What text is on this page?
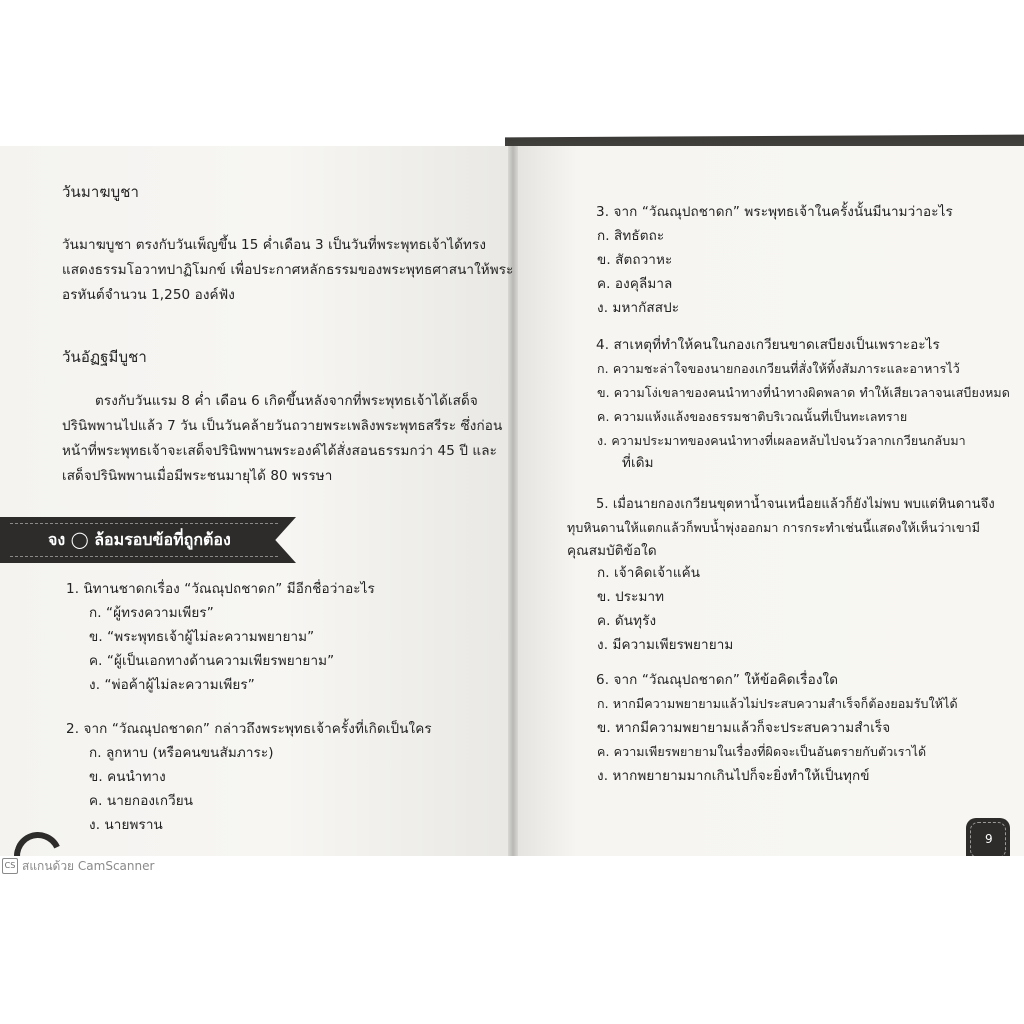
วันมาฆบูชา
วันมาฆบูชา ตรงกับวันเพ็ญขึ้น 15 ค่ำเดือน 3 เป็นวันที่พระพุทธเจ้าได้ทรง
แสดงธรรมโอวาทปาฏิโมกข์ เพื่อประกาศหลักธรรมของพระพุทธศาสนาให้พระ
อรหันต์จำนวน 1,250 องค์ฟัง
วันอัฏฐมีบูชา
ตรงกับวันแรม 8 ค่ำ เดือน 6 เกิดขึ้นหลังจากที่พระพุทธเจ้าได้เสด็จ
ปรินิพพานไปแล้ว 7 วัน เป็นวันคล้ายวันถวายพระเพลิงพระพุทธสรีระ ซึ่งก่อน
หน้าที่พระพุทธเจ้าจะเสด็จปรินิพพานพระองค์ได้สั่งสอนธรรมกว่า 45 ปี และ
เสด็จปรินิพพานเมื่อมีพระชนมายุได้ 80 พรรษา
จง ◯ ล้อมรอบข้อที่ถูกต้อง
1. นิทานชาดกเรื่อง “วัณณุปถชาดก” มีอีกชื่อว่าอะไร
ก. “ผู้ทรงความเพียร”
ข. “พระพุทธเจ้าผู้ไม่ละความพยายาม”
ค. “ผู้เป็นเอกทางด้านความเพียรพยายาม”
ง. “พ่อค้าผู้ไม่ละความเพียร”
2. จาก “วัณณุปถชาดก” กล่าวถึงพระพุทธเจ้าครั้งที่เกิดเป็นใคร
ก. ลูกหาบ (หรือคนขนสัมภาระ)
ข. คนนำทาง
ค. นายกองเกวียน
ง. นายพราน
3. จาก “วัณณุปถชาดก” พระพุทธเจ้าในครั้งนั้นมีนามว่าอะไร
ก. สิทธัตถะ
ข. สัตถวาหะ
ค. องคุลีมาล
ง. มหากัสสปะ
4. สาเหตุที่ทำให้คนในกองเกวียนขาดเสบียงเป็นเพราะอะไร
ก. ความชะล่าใจของนายกองเกวียนที่สั่งให้ทิ้งสัมภาระและอาหารไว้
ข. ความโง่เขลาของคนนำทางที่นำทางผิดพลาด ทำให้เสียเวลาจนเสบียงหมด
ค. ความแห้งแล้งของธรรมชาติบริเวณนั้นที่เป็นทะเลทราย
ง. ความประมาทของคนนำทางที่เผลอหลับไปจนวัวลากเกวียนกลับมา
ที่เดิม
5. เมื่อนายกองเกวียนขุดหาน้ำจนเหนื่อยแล้วก็ยังไม่พบ พบแต่หินดานจึง
ทุบหินดานให้แตกแล้วก็พบน้ำพุ่งออกมา การกระทำเช่นนี้แสดงให้เห็นว่าเขามี
คุณสมบัติข้อใด
ก. เจ้าคิดเจ้าแค้น
ข. ประมาท
ค. ดันทุรัง
ง. มีความเพียรพยายาม
6. จาก “วัณณุปถชาดก” ให้ข้อคิดเรื่องใด
ก. หากมีความพยายามแล้วไม่ประสบความสำเร็จก็ต้องยอมรับให้ได้
ข. หากมีความพยายามแล้วก็จะประสบความสำเร็จ
ค. ความเพียรพยายามในเรื่องที่ผิดจะเป็นอันตรายกับตัวเราได้
ง. หากพยายามมากเกินไปก็จะยิ่งทำให้เป็นทุกข์
9
CS สแกนด้วย CamScanner
